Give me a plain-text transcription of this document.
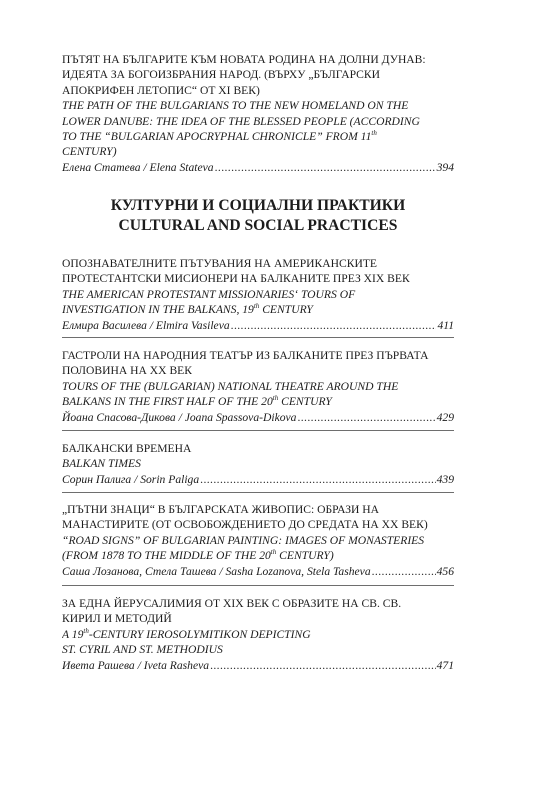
ПЪТЯТ НА БЪЛГАРИТЕ КЪМ НОВАТА РОДИНА НА ДОЛНИ ДУНАВ:
ИДЕЯТА ЗА БОГОИЗБРАНИЯ НАРОД. (ВЪРХУ „БЪЛГАРСКИ
АПОКРИФЕН ЛЕТОПИС“ ОТ XI ВЕК)
THE PATH OF THE BULGARIANS TO THE NEW HOMELAND ON THE
LOWER DANUBE: THE IDEA OF THE BLESSED PEOPLE (ACCORDING
TO THE “BULGARIAN APOCRYPHAL CHRONICLE” FROM 11th
CENTURY)
Елена Статева / Elena Stateva .....	394
КУЛТУРНИ И СОЦИАЛНИ ПРАКТИКИ
CULTURAL AND SOCIAL PRACTICES
ОПОЗНАВАТЕЛНИТЕ ПЪТУВАНИЯ НА АМЕРИКАНСКИТЕ
ПРОТЕСТАНТСКИ МИСИОНЕРИ НА БАЛКАНИТЕ ПРЕЗ XIX ВЕК
THE AMERICAN PROTESTANT MISSIONARIES‘ TOURS OF
INVESTIGATION IN THE BALKANS, 19th CENTURY
Елмира Василева / Elmira Vasileva .....	411
ГАСТРОЛИ НА НАРОДНИЯ ТЕАТЪР ИЗ БАЛКАНИТЕ ПРЕЗ ПЪРВАТА
ПОЛОВИНА НА XX ВЕК
TOURS OF THE (BULGARIAN) NATIONAL THEATRE AROUND THE
BALKANS IN THE FIRST HALF OF THE 20th CENTURY
Йоана Спасова-Дикова / Joana Spassova-Dikova .....	429
БАЛКАНСКИ ВРЕМЕНА
BALKAN TIMES
Сорин Палига / Sorin Paliga .....	439
„ПЪТНИ ЗНАЦИ“ В БЪЛГАРСКАТА ЖИВОПИС: ОБРАЗИ НА
МАНАСТИРИТЕ (ОТ ОСВОБОЖДЕНИЕТО ДО СРЕДАТА НА XX ВЕК)
“ROAD SIGNS” OF BULGARIAN PAINTING: IMAGES OF MONASTERIES
(FROM 1878 TO THE MIDDLE OF THE 20th CENTURY)
Саша Лозанова, Стела Ташева / Sasha Lozanova, Stela Tasheva .....	456
ЗА ЕДНА ЙЕРУСАЛИМИЯ ОТ XIX ВЕК С ОБРАЗИТЕ НА СВ. СВ.
КИРИЛ И МЕТОДИЙ
A 19th-CENTURY IEROSOLYMITIKON DEPICTING
ST. CYRIL AND ST. METHODIUS
Ивета Рашева / Iveta Rasheva .....	471
